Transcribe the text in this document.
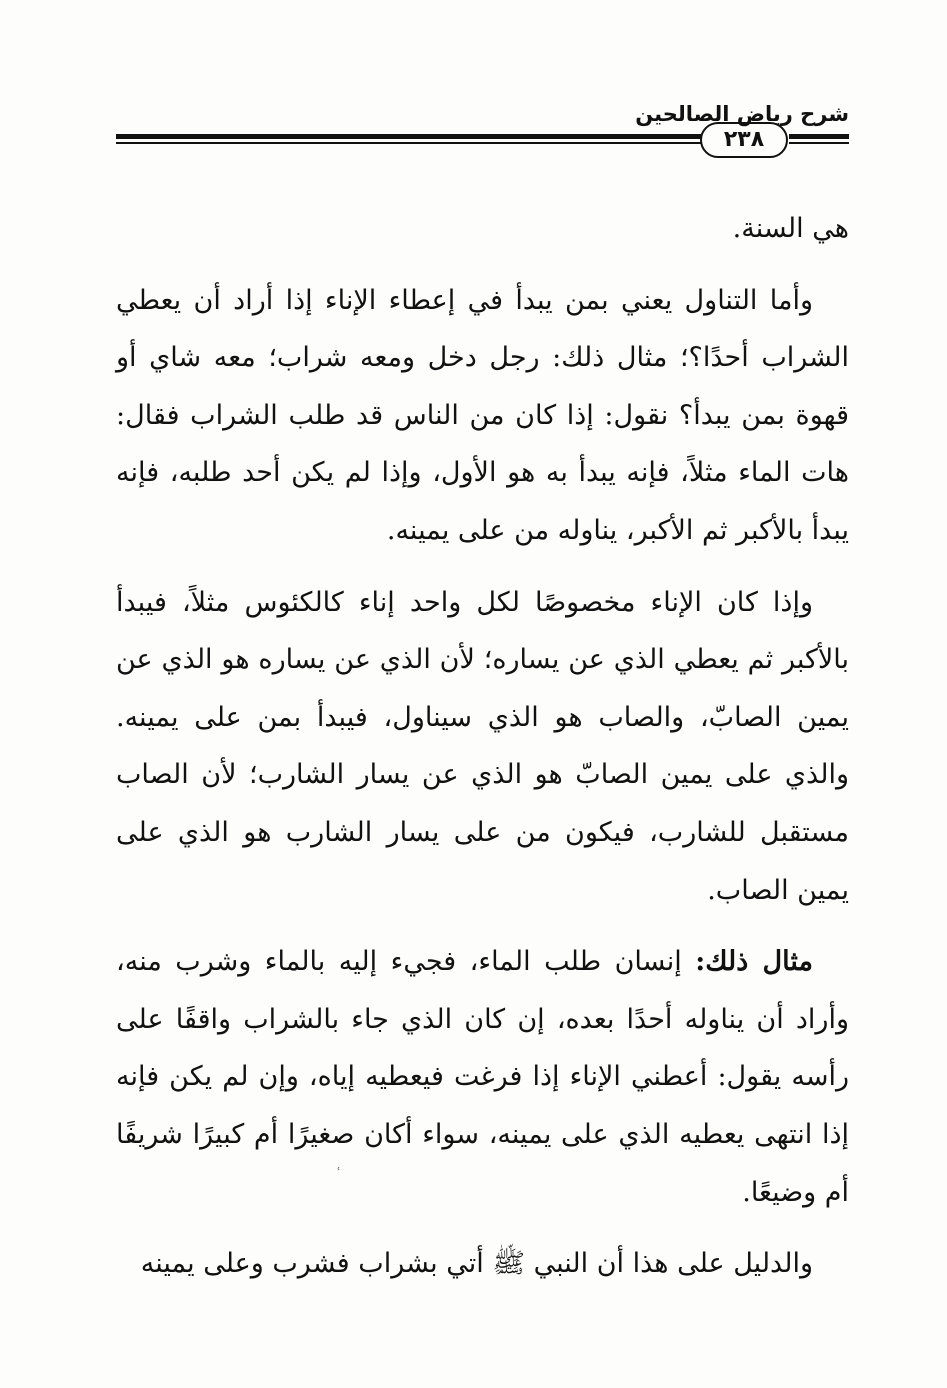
٢٣٨
شرح رياض الصالحين

هي السنة.

وأما التناول يعني بمن يبدأ في إعطاء الإناء إذا أراد أن يعطي الشراب أحدًا؟؛ مثال ذلك: رجل دخل ومعه شراب؛ معه شاي أو قهوة بمن يبدأ؟ نقول: إذا كان من الناس قد طلب الشراب فقال: هات الماء مثلاً، فإنه يبدأ به هو الأول، وإذا لم يكن أحد طلبه، فإنه يبدأ بالأكبر ثم الأكبر، يناوله من على يمينه.

وإذا كان الإناء مخصوصًا لكل واحد إناء كالكئوس مثلاً، فيبدأ بالأكبر ثم يعطي الذي عن يساره؛ لأن الذي عن يساره هو الذي عن يمين الصابّ، والصاب هو الذي سيناول، فيبدأ بمن على يمينه. والذي على يمين الصابّ هو الذي عن يسار الشارب؛ لأن الصاب مستقبل للشارب، فيكون من على يسار الشارب هو الذي على يمين الصاب.

مثال ذلك: إنسان طلب الماء، فجيء إليه بالماء وشرب منه، وأراد أن يناوله أحدًا بعده، إن كان الذي جاء بالشراب واقفًا على رأسه يقول: أعطني الإناء إذا فرغت فيعطيه إياه، وإن لم يكن فإنه إذا انتهى يعطيه الذي على يمينه، سواء أكان صغيرًا أم كبيرًا شريفًا أم وضيعًا.

والدليل على هذا أن النبي ﷺ أتي بشراب فشرب وعلى يمينه

˓
